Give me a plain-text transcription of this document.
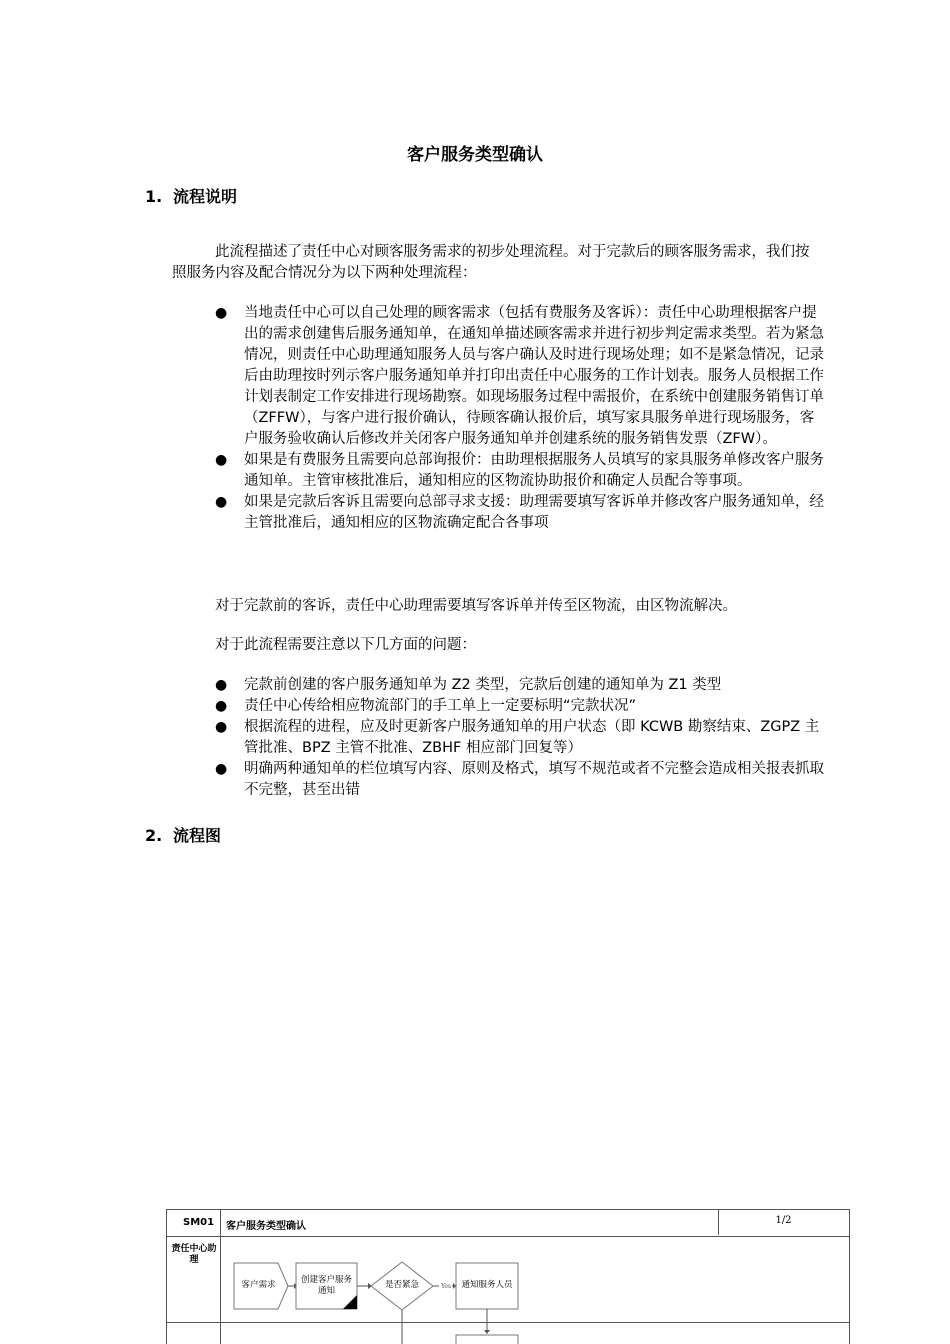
客户服务类型确认
1. 流程说明
此流程描述了责任中心对顾客服务需求的初步处理流程。对于完款后的顾客服务需求，我们按照服务内容及配合情况分为以下两种处理流程：
● 当地责任中心可以自己处理的顾客需求（包括有费服务及客诉）：责任中心助理根据客户提出的需求创建售后服务通知单，在通知单描述顾客需求并进行初步判定需求类型。若为紧急情况，则责任中心助理通知服务人员与客户确认及时进行现场处理；如不是紧急情况，记录后由助理按时列示客户服务通知单并打印出责任中心服务的工作计划表。服务人员根据工作计划表制定工作安排进行现场勘察。如现场服务过程中需报价，在系统中创建服务销售订单（ZFFW），与客户进行报价确认，待顾客确认报价后，填写家具服务单进行现场服务，客户服务验收确认后修改并关闭客户服务通知单并创建系统的服务销售发票（ZFW）。
● 如果是有费服务且需要向总部询报价：由助理根据服务人员填写的家具服务单修改客户服务通知单。主管审核批准后，通知相应的区物流协助报价和确定人员配合等事项。
● 如果是完款后客诉且需要向总部寻求支援：助理需要填写客诉单并修改客户服务通知单，经主管批准后，通知相应的区物流确定配合各事项
对于完款前的客诉，责任中心助理需要填写客诉单并传至区物流，由区物流解决。
对于此流程需要注意以下几方面的问题：
● 完款前创建的客户服务通知单为 Z2 类型，完款后创建的通知单为 Z1 类型
● 责任中心传给相应物流部门的手工单上一定要标明“完款状况”
● 根据流程的进程，应及时更新客户服务通知单的用户状态（即 KCWB 勘察结束、ZGPZ 主管批准、BPZ 主管不批准、ZBHF 相应部门回复等）
● 明确两种通知单的栏位填写内容、原则及格式，填写不规范或者不完整会造成相关报表抓取不完整，甚至出错
2. 流程图
SM01 客户服务类型确认
1/2
责任中心助理
客户需求	创建客户服务通知
是否紧急	Yes	通知服务人员
